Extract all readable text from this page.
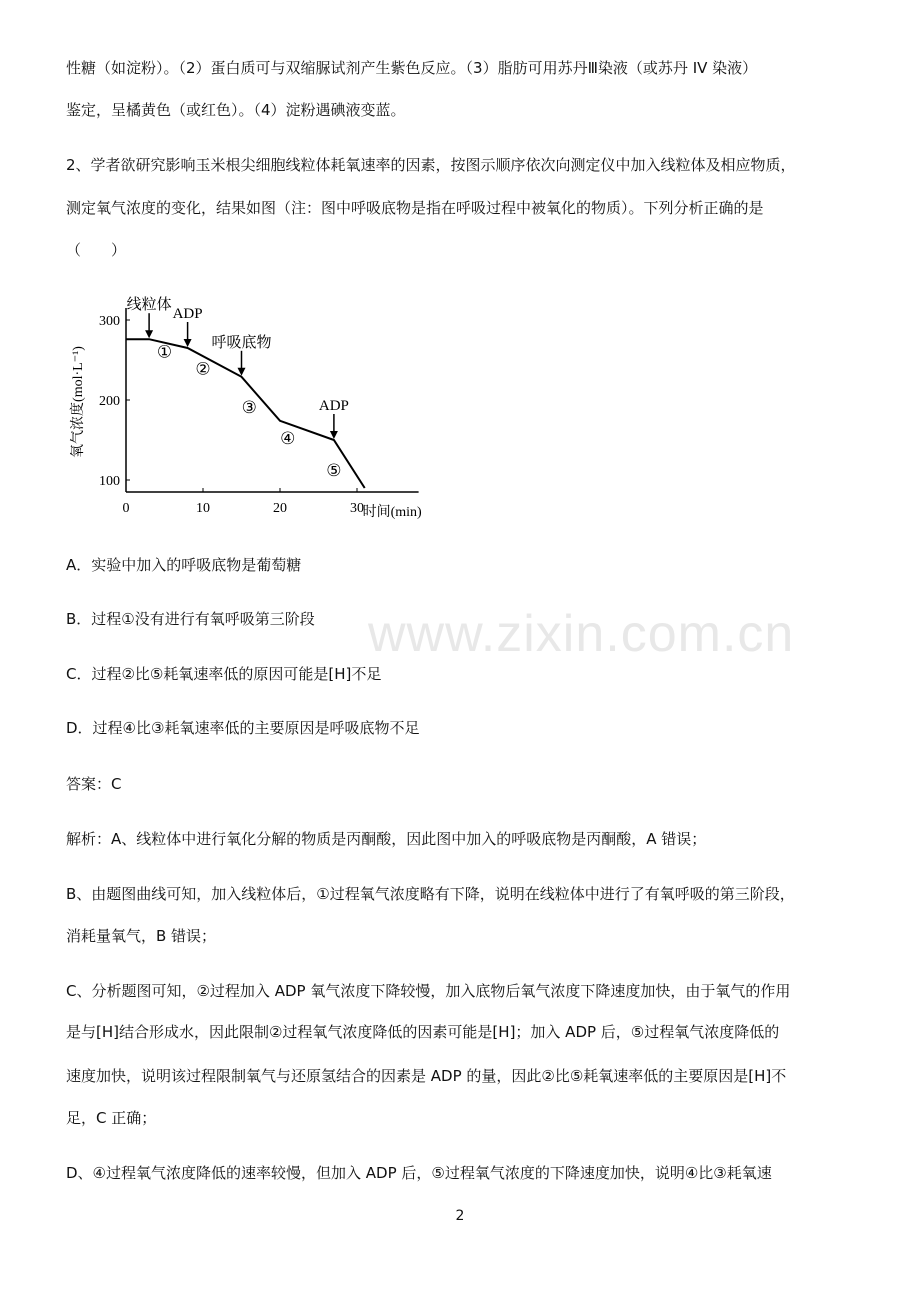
性糖（如淀粉）。（2）蛋白质可与双缩脲试剂产生紫色反应。（3）脂肪可用苏丹Ⅲ染液（或苏丹 IV 染液）
鉴定，呈橘黄色（或红色）。（4）淀粉遇碘液变蓝。
2、学者欲研究影响玉米根尖细胞线粒体耗氧速率的因素，按图示顺序依次向测定仪中加入线粒体及相应物质，
测定氧气浓度的变化，结果如图（注：图中呼吸底物是指在呼吸过程中被氧化的物质）。下列分析正确的是
（　　）
0	10	20	30
100
200
300
时间(min)
氧气浓度(mol·L⁻¹)
线粒体
ADP
呼吸底物
ADP
①
②
③
④
⑤
www.zixin.com.cn
A．实验中加入的呼吸底物是葡萄糖
B．过程①没有进行有氧呼吸第三阶段
C．过程②比⑤耗氧速率低的原因可能是[H]不足
D．过程④比③耗氧速率低的主要原因是呼吸底物不足
答案：C
解析：A、线粒体中进行氧化分解的物质是丙酮酸，因此图中加入的呼吸底物是丙酮酸，A 错误；
B、由题图曲线可知，加入线粒体后，①过程氧气浓度略有下降，说明在线粒体中进行了有氧呼吸的第三阶段，
消耗量氧气，B 错误；
C、分析题图可知，②过程加入 ADP 氧气浓度下降较慢，加入底物后氧气浓度下降速度加快，由于氧气的作用
是与[H]结合形成水，因此限制②过程氧气浓度降低的因素可能是[H]；加入 ADP 后，⑤过程氧气浓度降低的
速度加快，说明该过程限制氧气与还原氢结合的因素是 ADP 的量，因此②比⑤耗氧速率低的主要原因是[H]不
足，C 正确；
D、④过程氧气浓度降低的速率较慢，但加入 ADP 后，⑤过程氧气浓度的下降速度加快，说明④比③耗氧速
2
